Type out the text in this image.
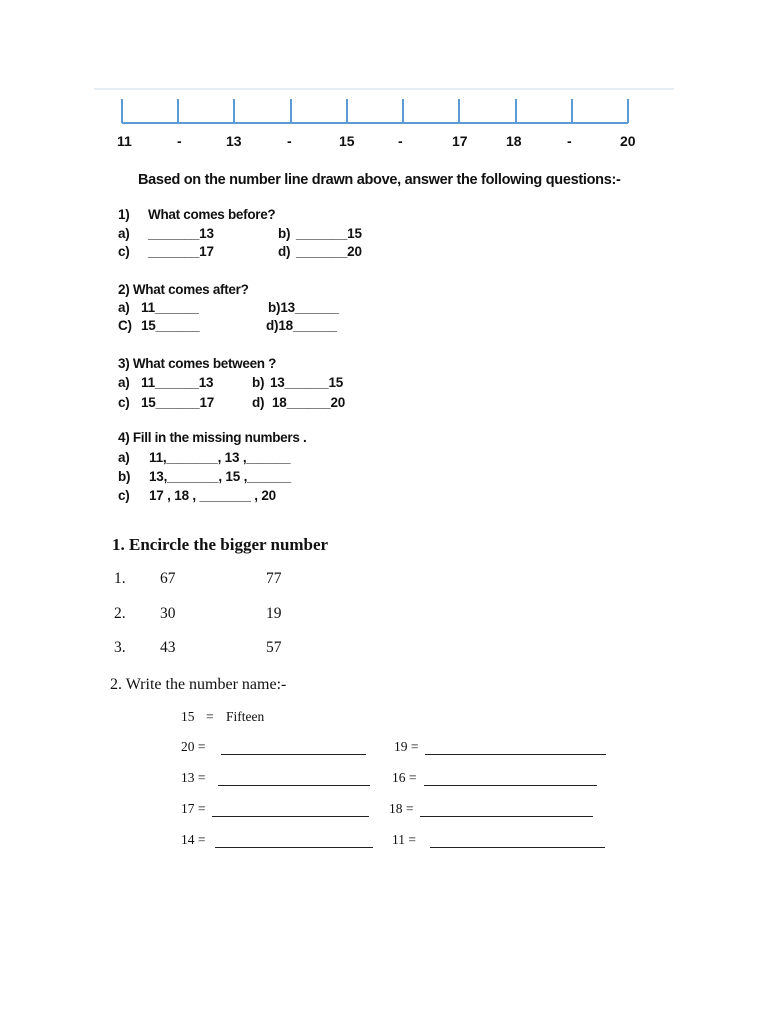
11	-	13	-	15	-	17	18	-	20
Based on the number line drawn above, answer the following questions:-
1) What comes before?
a) _______13	b) _______15
c) _______17	d) _______20
2) What comes after?
a) 11______	b)13______
C) 15______	d)18______
3) What comes between ?
a) 11______13	b) 13______15
c) 15______17	d) 18______20
4) Fill in the missing numbers .
a) 11,_______, 13 ,______
b) 13,_______, 15 ,______
c) 17 , 18 , _______ , 20
1. Encircle the bigger number
1. 67	77
2. 30	19
3. 43	57
2. Write the number name:-
15 = Fifteen
20 =	19 =
13 =	16 =
17 =	18 =
14 =	11 =
